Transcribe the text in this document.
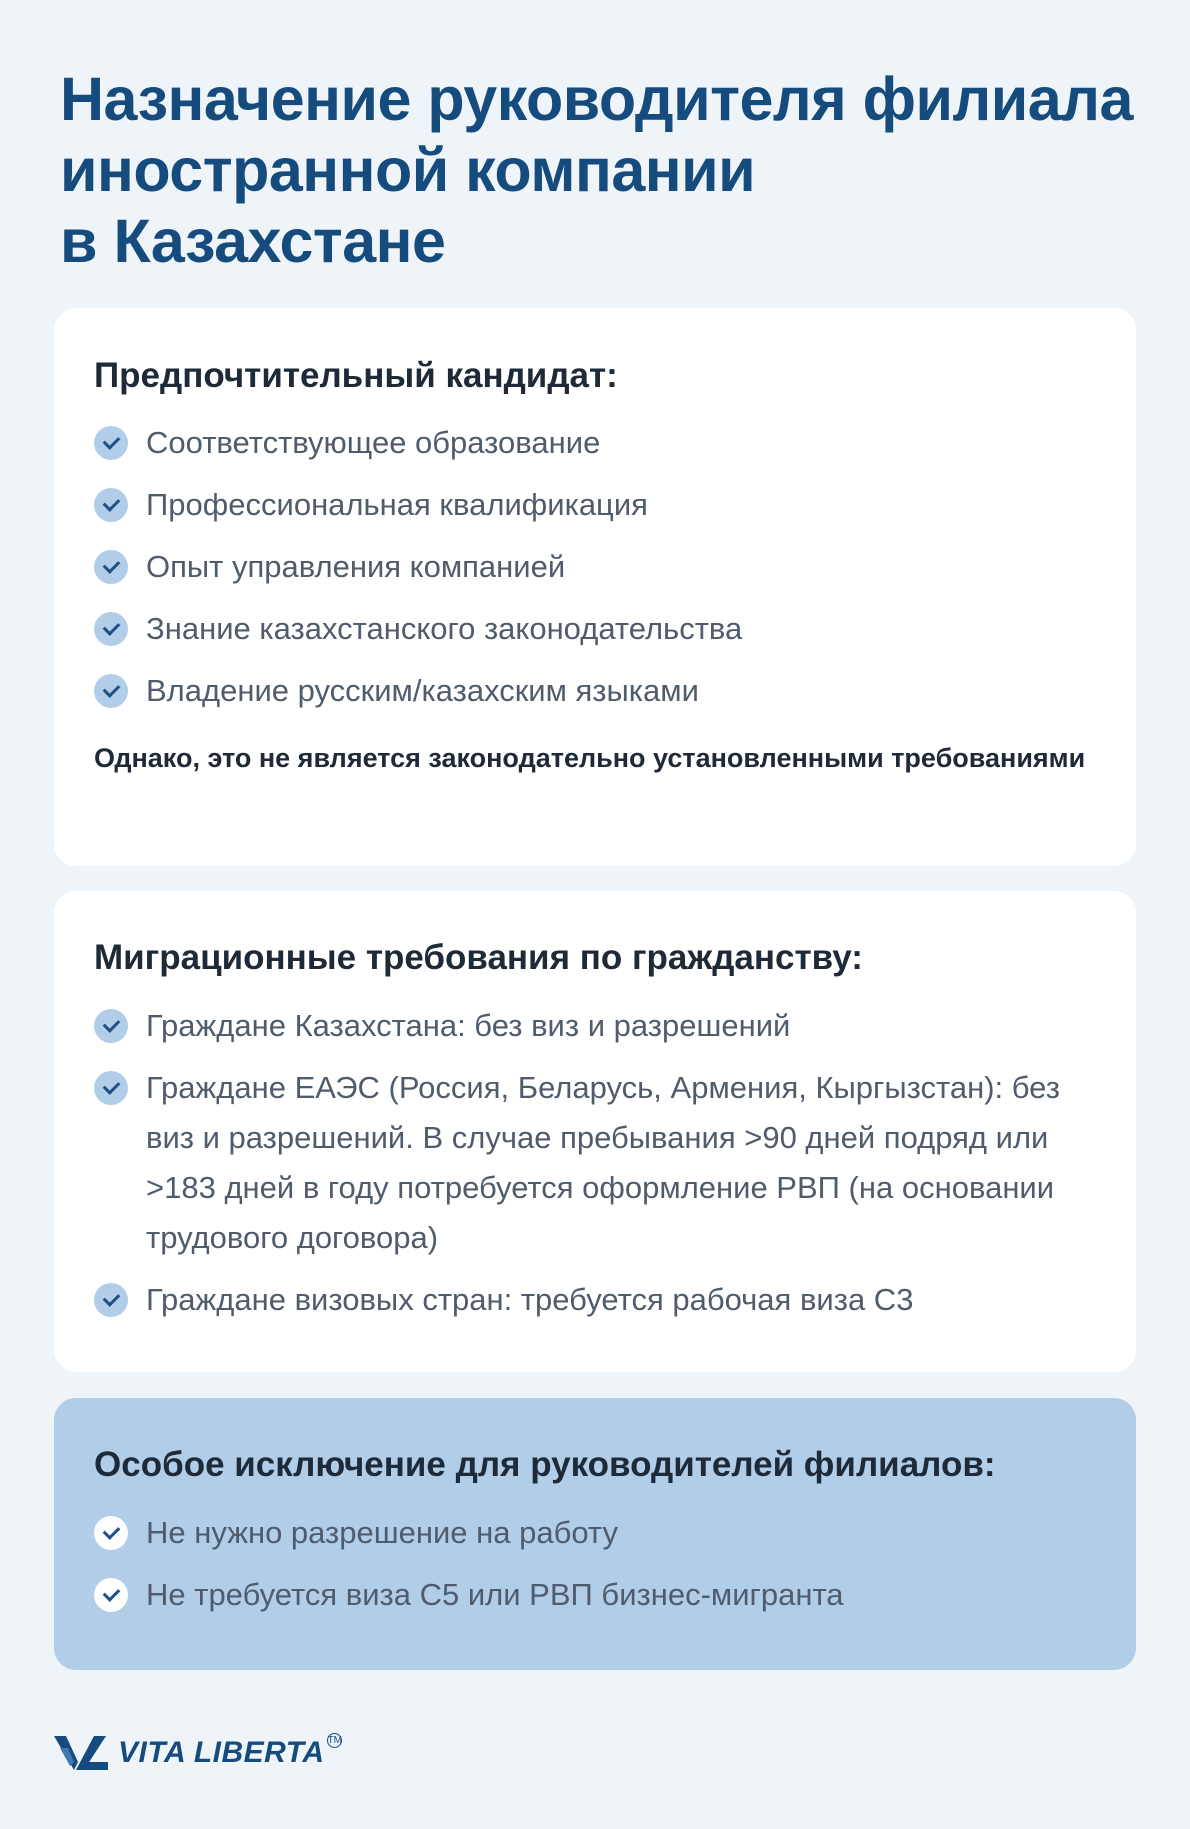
Назначение руководителя филиала
иностранной компании
в Казахстане
Предпочтительный кандидат:
Соответствующее образование
Профессиональная квалификация
Опыт управления компанией
Знание казахстанского законодательства
Владение русским/казахским языками

Однако, это не является законодательно установленными требованиями

Миграционные требования по гражданству:
Граждане Казахстана: без виз и разрешений
Граждане ЕАЭС (Россия, Беларусь, Армения, Кыргызстан): без виз и разрешений. В случае пребывания >90 дней подряд или >183 дней в году потребуется оформление РВП (на основании трудового договора)
Граждане визовых стран: требуется рабочая виза С3
Особое исключение для руководителей филиалов:
Не нужно разрешение на работу
Не требуется виза С5 или РВП бизнес-мигранта
VITA LIBERTA TM
